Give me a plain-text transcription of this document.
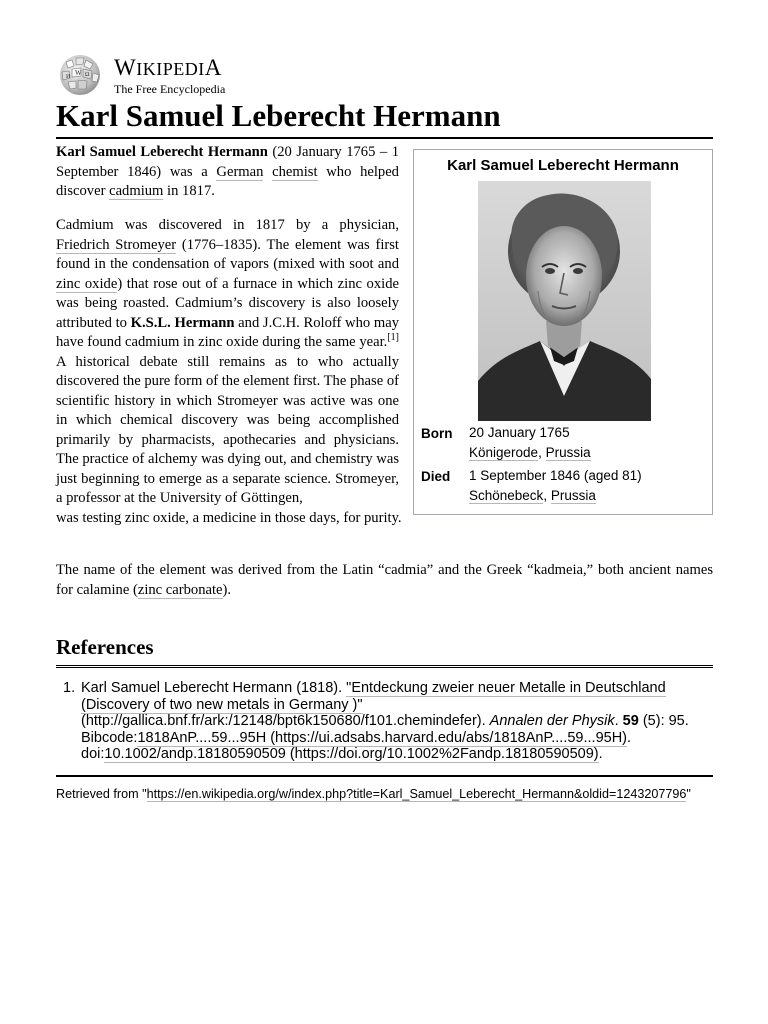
W Ω
И WIKIPEDIA
The Free Encyclopedia
Karl Samuel Leberecht Hermann

Karl Samuel Leberecht Hermann (20 January 1765 – 1 September 1846) was a German chemist who helped discover cadmium in 1817.

Cadmium was discovered in 1817 by a physician, Friedrich Stromeyer (1776–1835). The element was first found in the condensation of vapors (mixed with soot and zinc oxide) that rose out of a furnace in which zinc oxide was being roasted. Cadmium’s discovery is also loosely attributed to K.S.L. Hermann and J.C.H. Roloff who may have found cadmium in zinc oxide during the same year.[1] A historical debate still remains as to who actually discovered the pure form of the element first. The phase of scientific history in which Stromeyer was active was one in which chemical discovery was being accomplished primarily by pharmacists, apothecaries and physicians. The practice of alchemy was dying out, and chemistry was just beginning to emerge as a separate science. Stromeyer, a professor at the University of Göttingen,
was testing zinc oxide, a medicine in those days, for purity.

The name of the element was derived from the Latin “cadmia” and the Greek “kadmeia,” both ancient names for calamine (zinc carbonate).

Karl Samuel Leberecht Hermann
Born 20 January 1765
Königerode, Prussia
Died 1 September 1846 (aged 81)
Schönebeck, Prussia
References
1. Karl Samuel Leberecht Hermann (1818). "Entdeckung zweier neuer Metalle in Deutschland (Discovery of two new metals in Germany )" (http://gallica.bnf.fr/ark:/12148/bpt6k150680/f101.chemindefer). Annalen der Physik. 59 (5): 95. Bibcode:1818AnP....59...95H (https://ui.adsabs.harvard.edu/abs/1818AnP....59...95H). doi:10.1002/andp.18180590509 (https://doi.org/10.1002%2Fandp.18180590509).
Retrieved from "https://en.wikipedia.org/w/index.php?title=Karl_Samuel_Leberecht_Hermann&oldid=1243207796"
